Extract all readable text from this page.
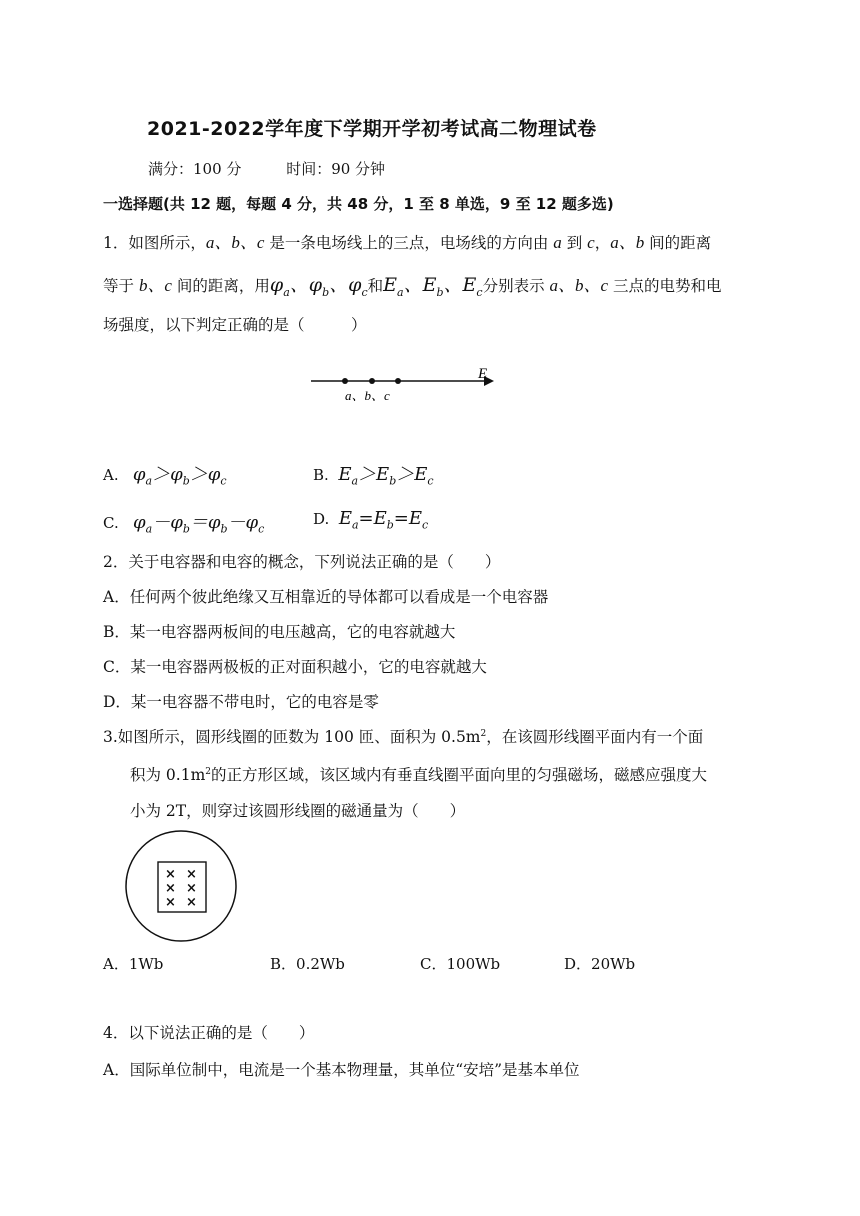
2021-2022学年度下学期开学初考试高二物理试卷
满分：100 分	时间：90 分钟
一选择题(共 12 题，每题 4 分，共 48 分，1 至 8 单选，9 至 12 题多选)
1．如图所示，a、b、c 是一条电场线上的三点，电场线的方向由 a 到 c，a、b 间的距离
等于 b、c 间的距离，用$\varphi_a$、$\varphi_b$、$\varphi_c$和$E_a$、$E_b$、$E_c$分别表示 a、b、c 三点的电势和电
场强度，以下判定正确的是（　　　）
E
a、b、c
A. $\varphi_a>\varphi_b>\varphi_c$	B. $E_a>E_b>E_c$
C. $\varphi_a-\varphi_b=\varphi_b-\varphi_c$
D. $E_a=E_b=E_c$
2．关于电容器和电容的概念，下列说法正确的是（　　）
A．任何两个彼此绝缘又互相靠近的导体都可以看成是一个电容器
B．某一电容器两板间的电压越高，它的电容就越大
C．某一电容器两极板的正对面积越小，它的电容就越大
D．某一电容器不带电时，它的电容是零
3.如图所示，圆形线圈的匝数为 100 匝、面积为 $0.5m^2$，在该圆形线圈平面内有一个面
积为 $0.1m^2$的正方形区域，该区域内有垂直线圈平面向里的匀强磁场，磁感应强度大
小为 2T，则穿过该圆形线圈的磁通量为（　　）
× ×
× ×
× ×
A．1Wb	B．0.2Wb	C．100Wb	D．20Wb
4．以下说法正确的是（　　）
A．国际单位制中，电流是一个基本物理量，其单位“安培”是基本单位
